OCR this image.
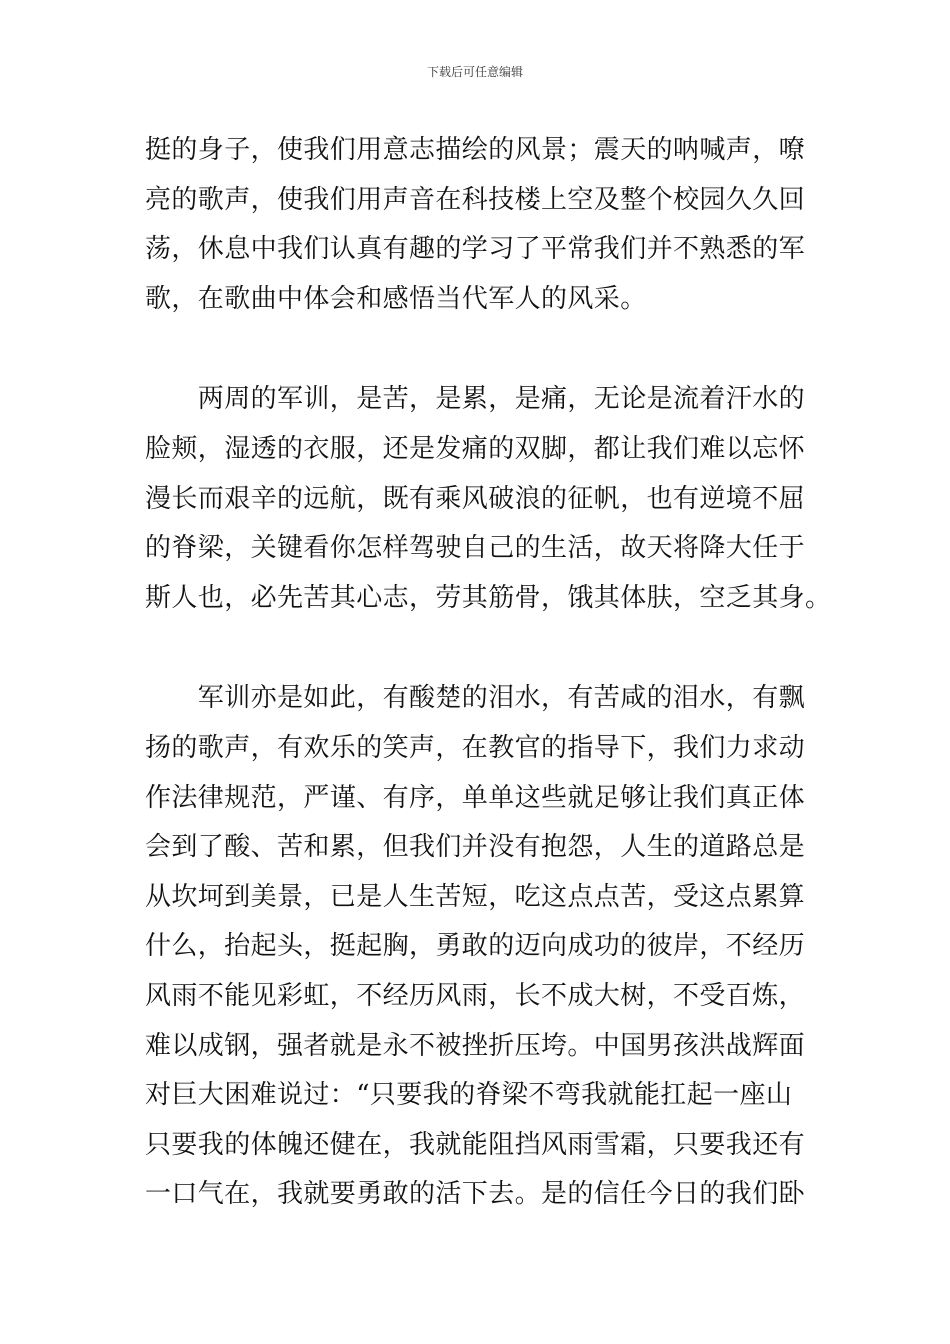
下载后可任意编辑
挺的身子，使我们用意志描绘的风景；震天的呐喊声，嘹
亮的歌声，使我们用声音在科技楼上空及整个校园久久回
荡，休息中我们认真有趣的学习了平常我们并不熟悉的军
歌，在歌曲中体会和感悟当代军人的风采。
　　两周的军训，是苦，是累，是痛，无论是流着汗水的
脸颊，湿透的衣服，还是发痛的双脚，都让我们难以忘怀
漫长而艰辛的远航，既有乘风破浪的征帆，也有逆境不屈
的脊梁，关键看你怎样驾驶自己的生活，故天将降大任于
斯人也，必先苦其心志，劳其筋骨，饿其体肤，空乏其身。
　　军训亦是如此，有酸楚的泪水，有苦咸的泪水，有飘
扬的歌声，有欢乐的笑声，在教官的指导下，我们力求动
作法律规范，严谨、有序，单单这些就足够让我们真正体
会到了酸、苦和累，但我们并没有抱怨，人生的道路总是
从坎坷到美景，已是人生苦短，吃这点点苦，受这点累算
什么，抬起头，挺起胸，勇敢的迈向成功的彼岸，不经历
风雨不能见彩虹，不经历风雨，长不成大树，不受百炼，
难以成钢，强者就是永不被挫折压垮。中国男孩洪战辉面
对巨大困难说过：“只要我的脊梁不弯我就能扛起一座山
只要我的体魄还健在，我就能阻挡风雨雪霜，只要我还有
一口气在，我就要勇敢的活下去。是的信任今日的我们卧
